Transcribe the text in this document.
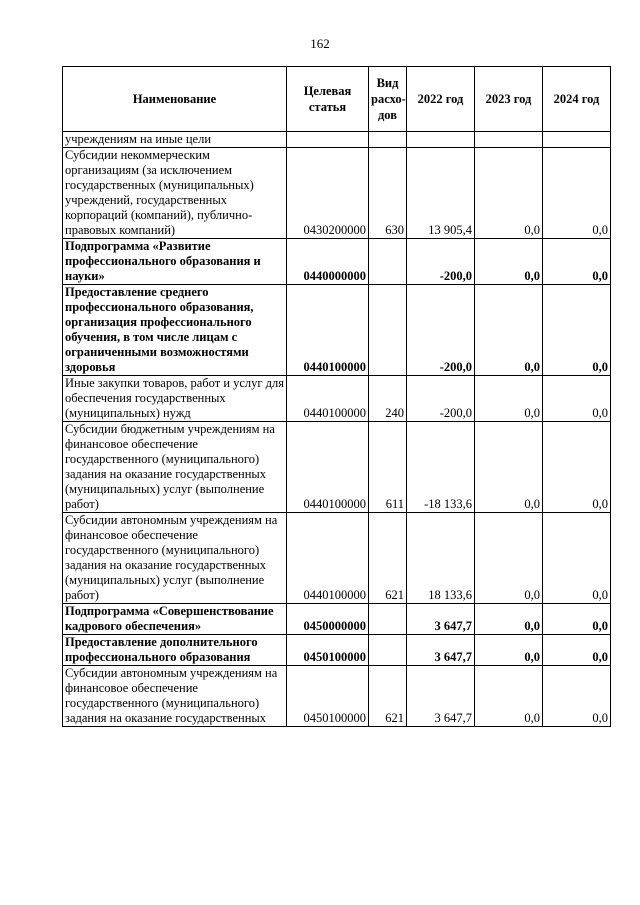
162
Наименование	Целевая статья	Вид расхо-дов	2022 год	2023 год	2024 год
учреждениям на иные цели					
Субсидии некоммерческим организациям (за исключением государственных (муниципальных) учреждений, государственных корпораций (компаний), публично-правовых компаний)	0430200000	630	13 905,4	0,0	0,0
Подпрограмма «Развитие профессионального образования и науки»	0440000000		-200,0	0,0	0,0
Предоставление среднего профессионального образования, организация профессионального обучения, в том числе лицам с ограниченными возможностями здоровья	0440100000		-200,0	0,0	0,0
Иные закупки товаров, работ и услуг для обеспечения государственных (муниципальных) нужд	0440100000	240	-200,0	0,0	0,0
Субсидии бюджетным учреждениям на финансовое обеспечение государственного (муниципального) задания на оказание государственных (муниципальных) услуг (выполнение работ)	0440100000	611	-18 133,6	0,0	0,0
Субсидии автономным учреждениям на финансовое обеспечение государственного (муниципального) задания на оказание государственных (муниципальных) услуг (выполнение работ)	0440100000	621	18 133,6	0,0	0,0
Подпрограмма «Совершенствование кадрового обеспечения»	0450000000		3 647,7	0,0	0,0
Предоставление дополнительного профессионального образования	0450100000		3 647,7	0,0	0,0
Субсидии автономным учреждениям на финансовое обеспечение государственного (муниципального) задания на оказание государственных	0450100000	621	3 647,7	0,0	0,0
